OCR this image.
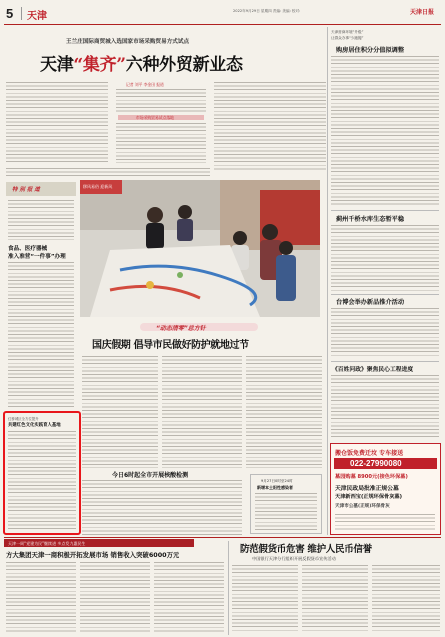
5 天津	2022年9月29日 星期四 责编: 美编: 校对:	天津日报
王兰庄国际商贸城入选国家市场采购贸易方式试点
天津“集齐”六种外贸新业态
记者 刘平 李金田 报道
市场采购贸易试点落地
特 别 报 道
食品、医疗器械
准入准营“一件事”办理
红桥城区全方位提升
共建红色文化实践育人基地
移风易俗 迎新风
“动态清零”总方针
国庆假期 倡导市民做好防护就地过节
今日6时起全市开展核酸检测
9月27日0时至24时
新增本土阳性感染者
天津营商环境“升级”
让群众办事“少跑腿”
购房居住积分分值拟调整
蓟州千桥水库生态暂平稳
台博会举办新品推介活动
《百姓问政》聚焦民心工程进度
搬仓饭免费迁坟 专车接送
022-27990080
墓园购墓 8900元(接色环保墓)
天津民政局批准正规公墓
天津新西宝(正规环保骨灰墓)
天津市公墓(正规)环保骨灰
天津一周“党建为民”继续进 多点发力惠民生
方大集团天津一商积极开拓发展市场 销售收入突破6000万元	防范假货币危害 维护人民币信誉
中国银行天津分行组织开展反假货币宣传活动
